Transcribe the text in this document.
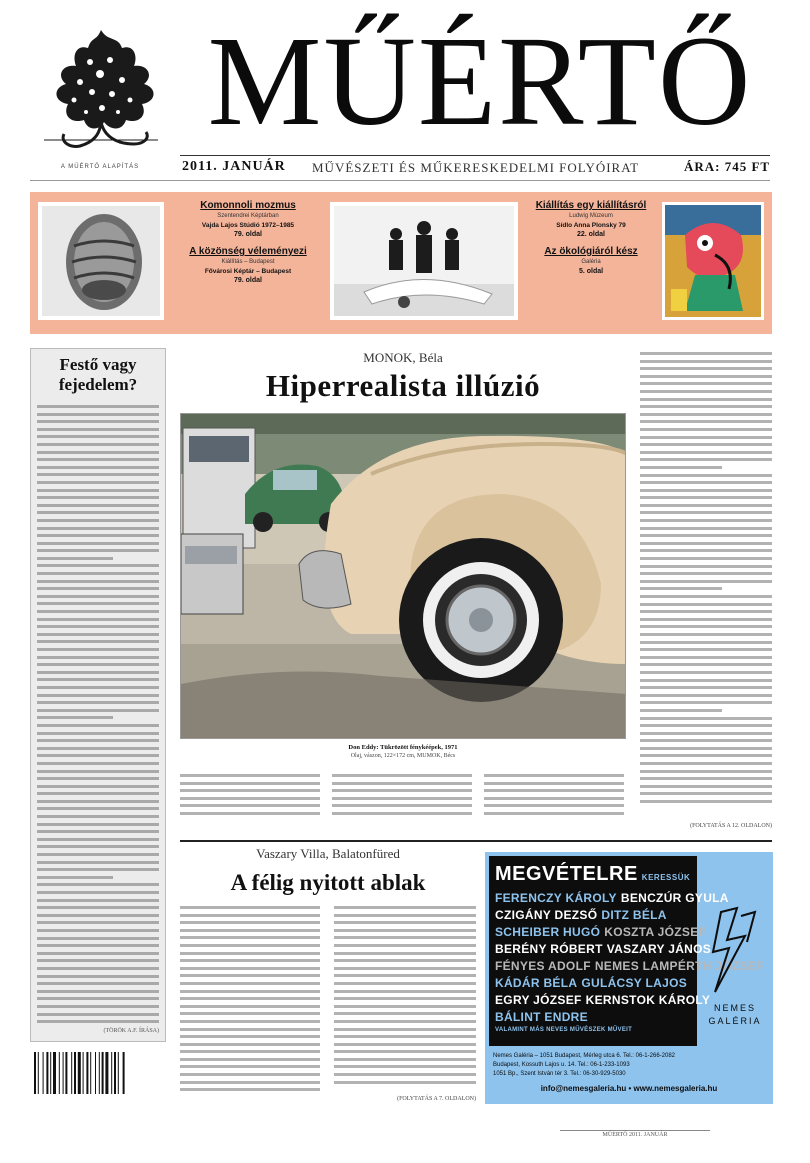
A MŰÉRTŐ ALAPÍTÁS
MŰÉRTŐ
2011. JANUÁR MŰVÉSZETI ÉS MŰKERESKEDELMI FOLYÓIRAT	ÁRA: 745 FT
Komonnoli mozmus
Szentendrei Képtárban
Vajda Lajos Stúdió 1972–1985
79. oldal
A közönség véleményezi
Kiállítás – Budapest
Fővárosi Képtár – Budapest
79. oldal
Kiállítás egy kiállításról
Ludwig Múzeum
Sídlo Anna Plonsky 79
22. oldal
Az ökológiáról kész
Galéria
5. oldal
Festő vagy fejedelem?
(TÖRÖK A.F. ÍRÁSA)
MONOK, Béla
Hiperrealista illúzió
Don Eddy: Tükrözött fénykéépek, 1971
Olaj, vászon, 122×172 cm, MUMOK, Bécs
(FOLYTATÁS A 12. OLDALON)
Vaszary Villa, Balatonfüred
A félig nyitott ablak
(FOLYTATÁS A 7. OLDALON)
MEGVÉTELRE KERESSÜK
FERENCZY KÁROLY BENCZÚR GYULA
CZIGÁNY DEZSŐ DITZ BÉLA
SCHEIBER HUGÓ KOSZTA JÓZSEF
BERÉNY RÓBERT VASZARY JÁNOS
FÉNYES ADOLF NEMES LAMPÉRTH JÓZSEF
KÁDÁR BÉLA GULÁCSY LAJOS
EGRY JÓZSEF KERNSTOK KÁROLY
BÁLINT ENDRE
VALAMINT MÁS NEVES MŰVÉSZEK MŰVEIT
NEMES
GALÉRIA
Nemes Galéria – 1051 Budapest, Mérleg utca 6. Tel.: 06-1-266-2082
Budapest, Kossuth Lajos u. 14. Tel.: 06-1-233-1093
1051 Bp., Szent István tér 3. Tel.: 06-30-929-5030
info@nemesgaleria.hu • www.nemesgaleria.hu
MŰÉRTŐ 2011. JANUÁR
